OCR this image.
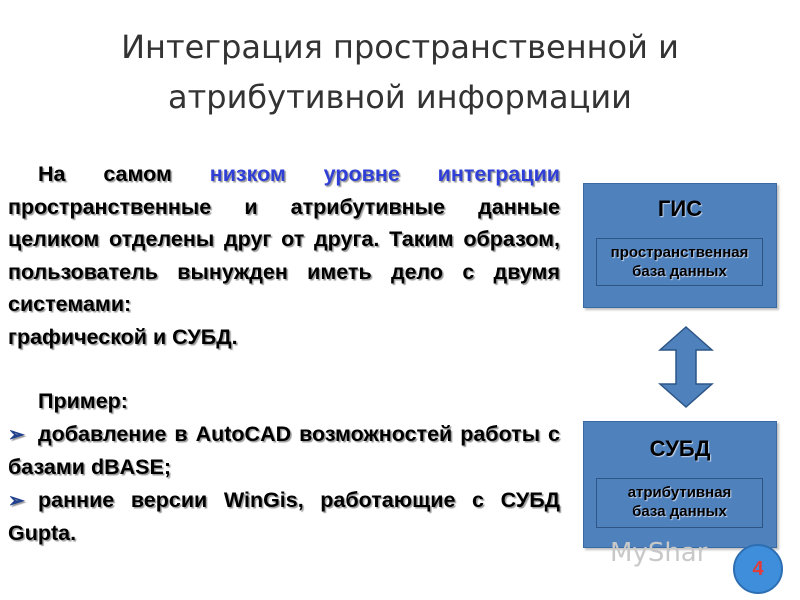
Интеграция пространственной и атрибутивной информации

На самом низком уровне интеграции пространственные и атрибутивные данные целиком отделены друг от друга. Таким образом, пользователь вынужден иметь дело с двумя системами:

графической и СУБД.

Пример:

➢ добавление в AutoCAD возможностей работы с базами dBASE;

➢ ранние версии WinGis, работающие с СУБД Gupta.

ГИС
пространственная
база данных
СУБД
атрибутивная
база данных
MyShar
4
